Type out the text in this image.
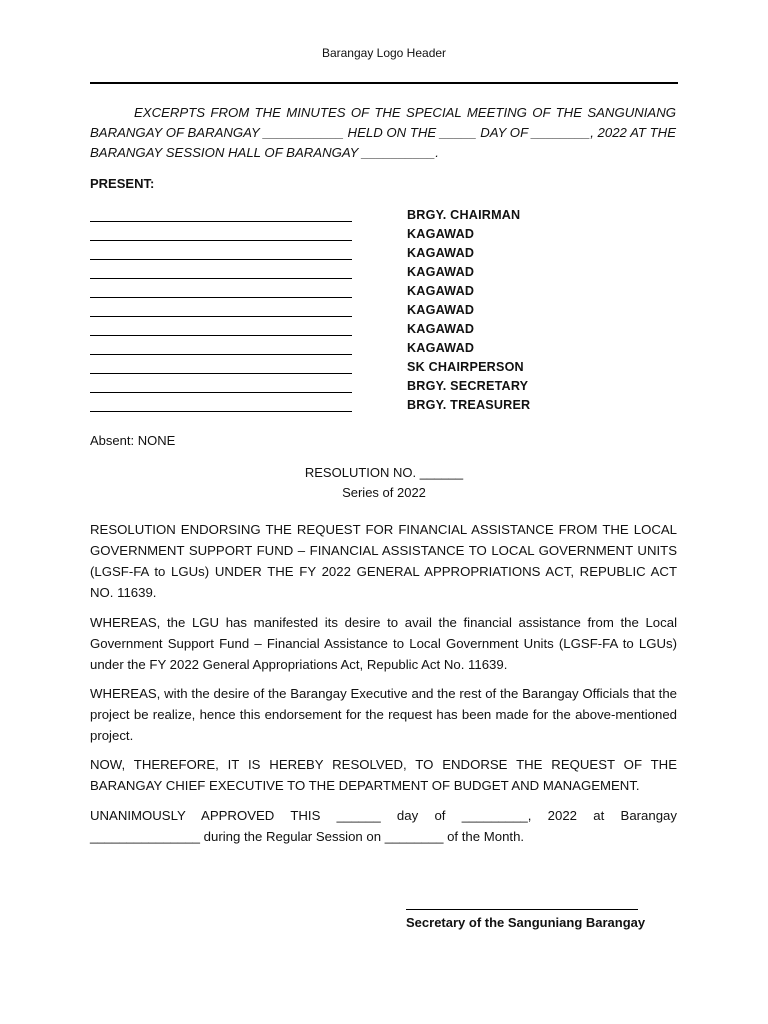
Barangay Logo Header
EXCERPTS FROM THE MINUTES OF THE SPECIAL MEETING OF THE SANGUNIANG BARANGAY OF BARANGAY ___________ HELD ON THE _____ DAY OF ________, 2022 AT THE BARANGAY SESSION HALL OF BARANGAY __________.
PRESENT:
BRGY. CHAIRMAN
KAGAWAD
KAGAWAD
KAGAWAD
KAGAWAD
KAGAWAD
KAGAWAD
KAGAWAD
SK CHAIRPERSON
BRGY. SECRETARY
BRGY. TREASURER
Absent: NONE
RESOLUTION NO. ______
Series of 2022
RESOLUTION ENDORSING THE REQUEST FOR FINANCIAL ASSISTANCE FROM THE LOCAL GOVERNMENT SUPPORT FUND – FINANCIAL ASSISTANCE TO LOCAL GOVERNMENT UNITS (LGSF-FA to LGUs) UNDER THE FY 2022 GENERAL APPROPRIATIONS ACT, REPUBLIC ACT NO. 11639.
WHEREAS, the LGU has manifested its desire to avail the financial assistance from the Local Government Support Fund – Financial Assistance to Local Government Units (LGSF-FA to LGUs) under the FY 2022 General Appropriations Act, Republic Act No. 11639.
WHEREAS, with the desire of the Barangay Executive and the rest of the Barangay Officials that the project be realize, hence this endorsement for the request has been made for the above-mentioned project.
NOW, THEREFORE, IT IS HEREBY RESOLVED, TO ENDORSE THE REQUEST OF THE BARANGAY CHIEF EXECUTIVE TO THE DEPARTMENT OF BUDGET AND MANAGEMENT.
UNANIMOUSLY APPROVED THIS ______ day of _________, 2022 at Barangay _______________ during the Regular Session on ________ of the Month.
Secretary of the Sanguniang Barangay
